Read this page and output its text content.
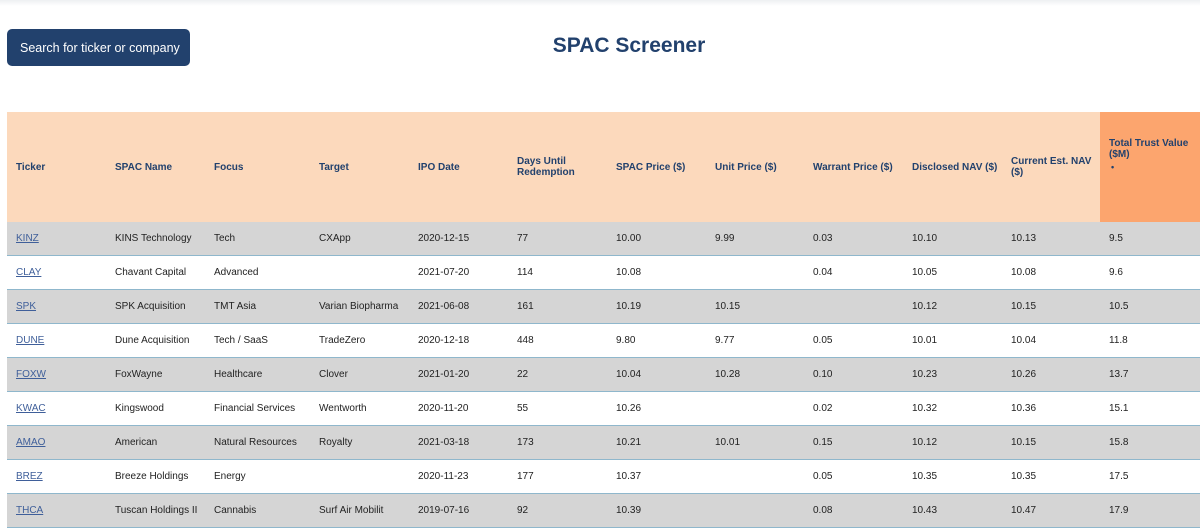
Search for ticker or company	SPAC Screener
Ticker	SPAC Name	Focus	Target	IPO Date	Days Until Redemption	SPAC Price ($)	Unit Price ($)	Warrant Price ($)	Disclosed NAV ($)	Current Est. NAV ($)	Total Trust Value ($M)
•

KINZ	KINS Technology	Tech	CXApp	2020-12-15	77	10.00	9.99	0.03	10.10	10.13	9.5
CLAY	Chavant Capital	Advanced		2021-07-20	114	10.08		0.04	10.05	10.08	9.6
SPK	SPK Acquisition	TMT Asia	Varian Biopharma	2021-06-08	161	10.19	10.15		10.12	10.15	10.5
DUNE	Dune Acquisition	Tech / SaaS	TradeZero	2020-12-18	448	9.80	9.77	0.05	10.01	10.04	11.8
FOXW	FoxWayne	Healthcare	Clover	2021-01-20	22	10.04	10.28	0.10	10.23	10.26	13.7
KWAC	Kingswood	Financial Services	Wentworth	2020-11-20	55	10.26		0.02	10.32	10.36	15.1
AMAO	American	Natural Resources	Royalty	2021-03-18	173	10.21	10.01	0.15	10.12	10.15	15.8
BREZ	Breeze Holdings	Energy		2020-11-23	177	10.37		0.05	10.35	10.35	17.5
THCA	Tuscan Holdings II	Cannabis	Surf Air Mobilit	2019-07-16	92	10.39		0.08	10.43	10.47	17.9
